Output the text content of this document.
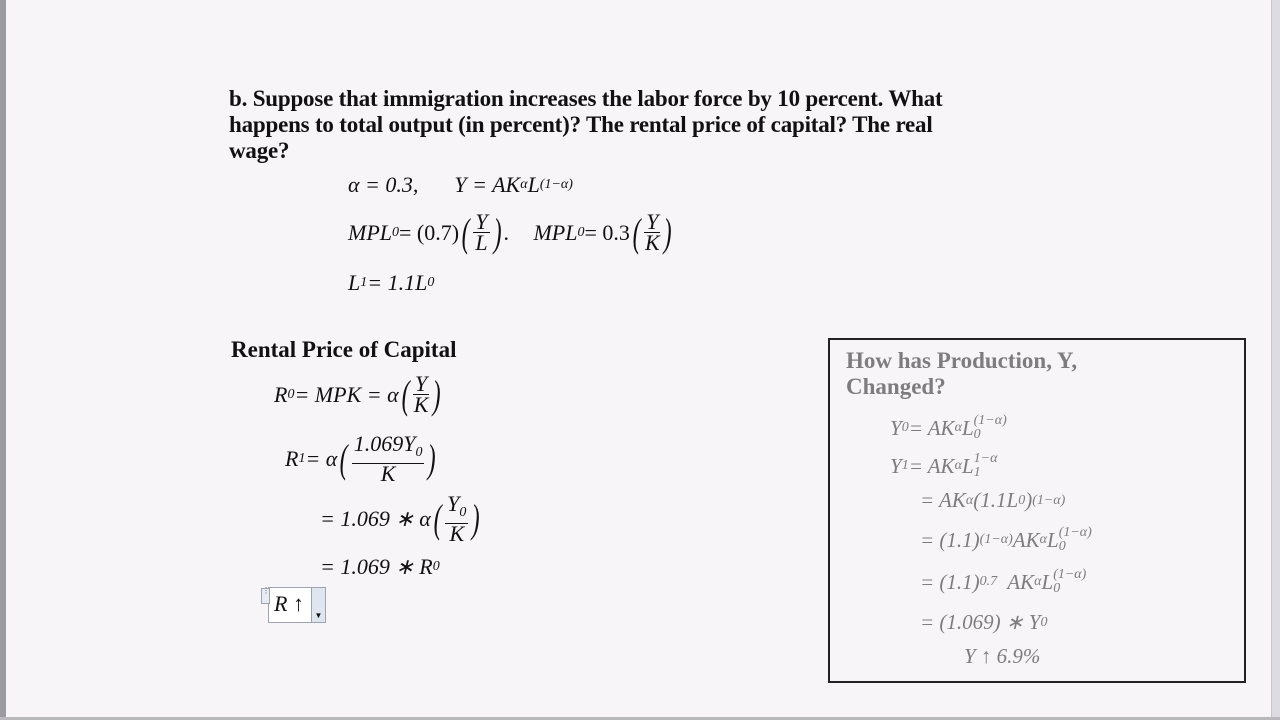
b. Suppose that immigration increases the labor force by 10 percent. What
happens to total output (in percent)? The rental price of capital? The real
wage?
α = 0.3, Y = AK α L (1−α)
MPL 0 = (0.7) ( $\frac{Y}{L}$ ) . MPL 0 = 0.3 ( $\frac{Y}{K}$ )
L 1 = 1.1L 0
Rental Price of Capital
R 0 = MPK = α ( $\frac{Y}{K}$ )
R 1 = α ( $\frac{1.069Y_0}{K}$ )
= 1.069 ∗ α ( $\frac{Y_0}{K}$ )
= 1.069 ∗ R 0
⋮
R ↑	▼
How has Production, Y,
Changed?
Y 0 = AK α L (1−α)
0
Y 1 = AK α L 1−α
1
= AK α (1.1L 0 ) (1−α)
= (1.1) (1−α) AK α L (1−α)
0
= (1.1) 0.7 AK α L (1−α)
0
= (1.069) ∗ Y 0
Y ↑ 6.9%
